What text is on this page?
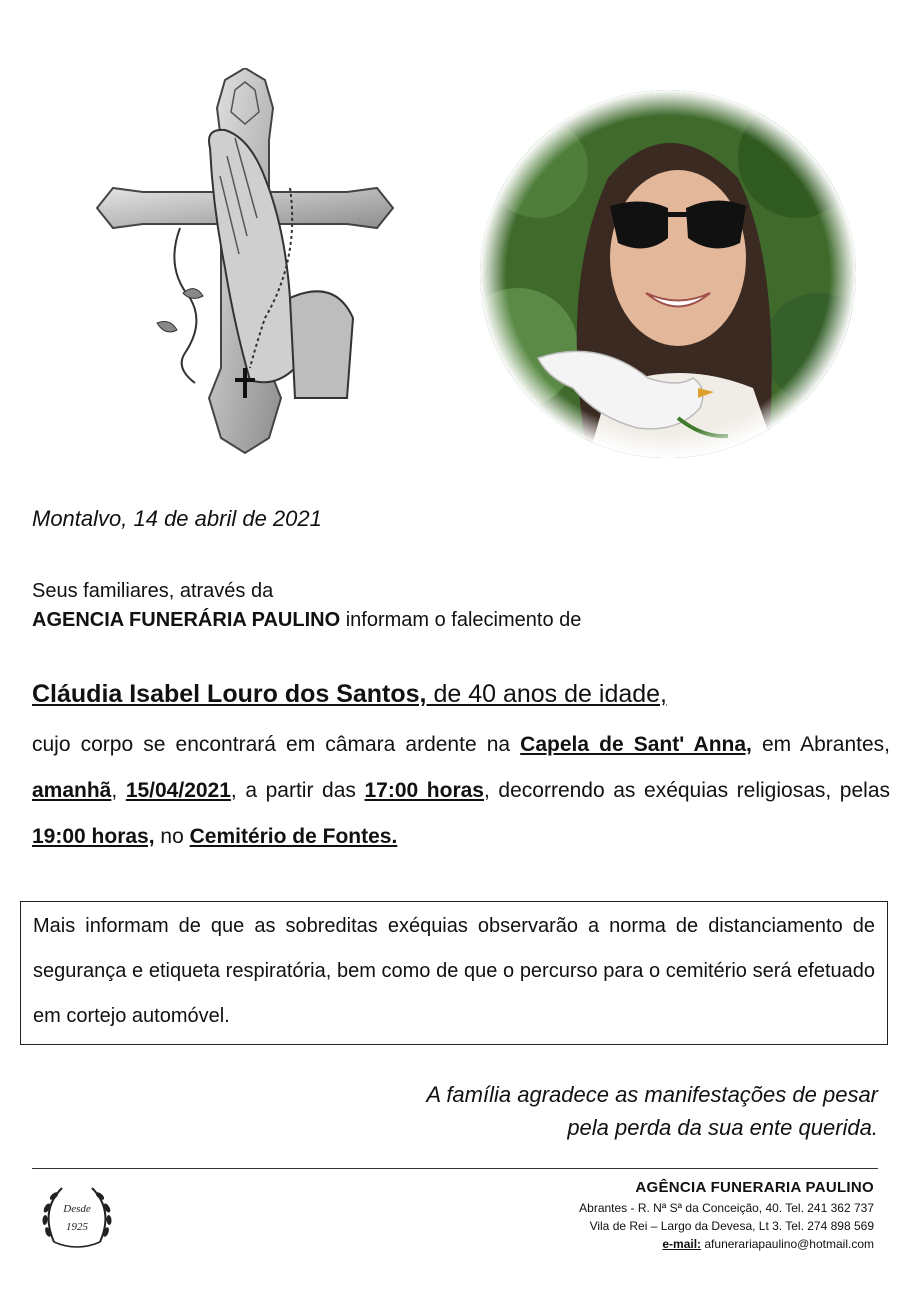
Montalvo, 14 de abril de 2021
Seus familiares, através da
AGENCIA FUNERÁRIA PAULINO informam o falecimento de
Cláudia Isabel Louro dos Santos, de 40 anos de idade,
cujo corpo se encontrará em câmara ardente na Capela de Sant' Anna, em Abrantes, amanhã, 15/04/2021, a partir das 17:00 horas, decorrendo as exéquias religiosas, pelas 19:00 horas, no Cemitério de Fontes.

Mais informam de que as sobreditas exéquias observarão a norma de distanciamento de segurança e etiqueta respiratória, bem como de que o percurso para o cemitério será efetuado em cortejo automóvel.

A família agradece as manifestações de pesar
pela perda da sua ente querida.
Desde
1925
AGÊNCIA FUNERARIA PAULINO
Abrantes - R. Nª Sª da Conceição, 40. Tel. 241 362 737
Vila de Rei – Largo da Devesa, Lt 3. Tel. 274 898 569
e-mail: afunerariapaulino@hotmail.com
